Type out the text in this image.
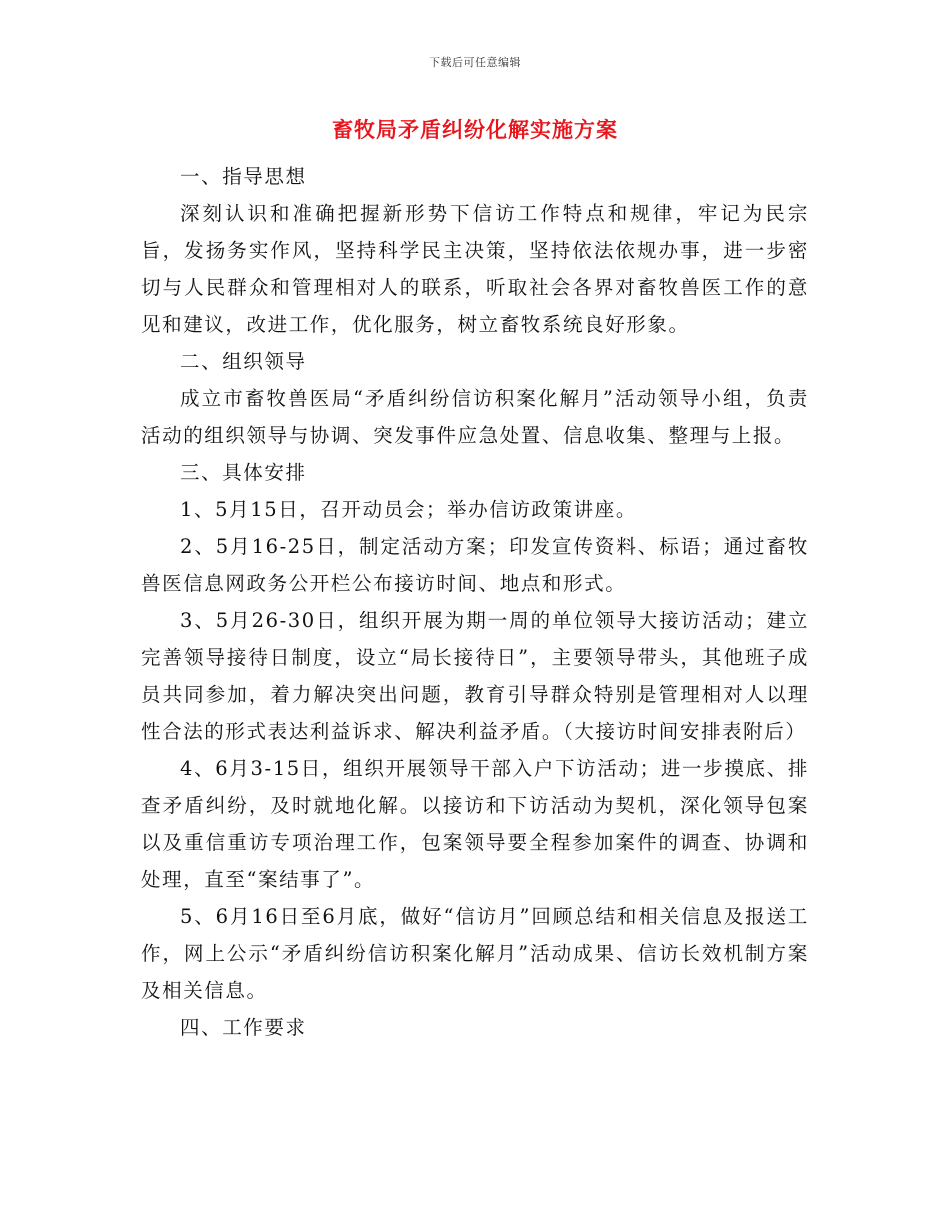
下载后可任意编辑
畜牧局矛盾纠纷化解实施方案

一、指导思想

深刻认识和准确把握新形势下信访工作特点和规律，牢记为民宗旨，发扬务实作风，坚持科学民主决策，坚持依法依规办事，进一步密切与人民群众和管理相对人的联系，听取社会各界对畜牧兽医工作的意见和建议，改进工作，优化服务，树立畜牧系统良好形象。

二、组织领导

成立市畜牧兽医局“矛盾纠纷信访积案化解月”活动领导小组，负责活动的组织领导与协调、突发事件应急处置、信息收集、整理与上报。

三、具体安排

1、5月15日，召开动员会；举办信访政策讲座。

2、5月16-25日，制定活动方案；印发宣传资料、标语；通过畜牧兽医信息网政务公开栏公布接访时间、地点和形式。

3、5月26-30日，组织开展为期一周的单位领导大接访活动；建立完善领导接待日制度，设立“局长接待日”，主要领导带头，其他班子成员共同参加，着力解决突出问题，教育引导群众特别是管理相对人以理性合法的形式表达利益诉求、解决利益矛盾。（大接访时间安排表附后）

4、6月3-15日，组织开展领导干部入户下访活动；进一步摸底、排查矛盾纠纷，及时就地化解。以接访和下访活动为契机，深化领导包案以及重信重访专项治理工作，包案领导要全程参加案件的调查、协调和处理，直至“案结事了”。

5、6月16日至6月底，做好“信访月”回顾总结和相关信息及报送工作，网上公示“矛盾纠纷信访积案化解月”活动成果、信访长效机制方案及相关信息。

四、工作要求
